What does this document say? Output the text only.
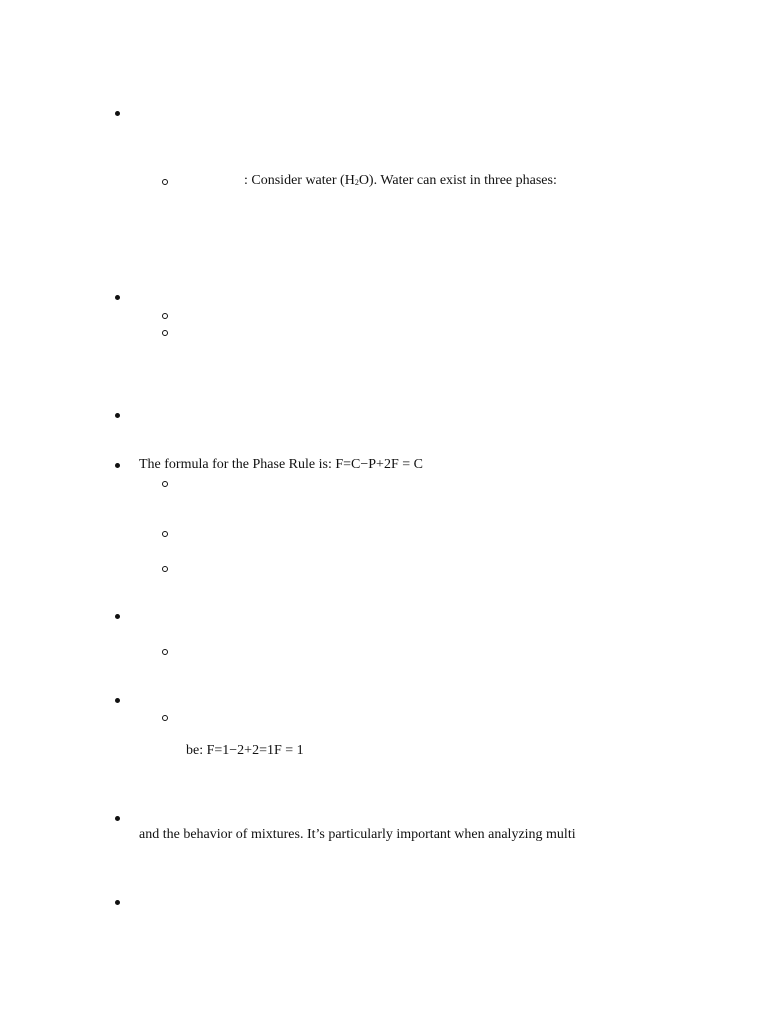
: Consider water $(H_2O)$. Water can exist in three phases:
The formula for the Phase Rule is: F=C−P+2F = C
be: F=1−2+2=1F = 1
and the behavior of mixtures. It’s particularly important when analyzing multi
